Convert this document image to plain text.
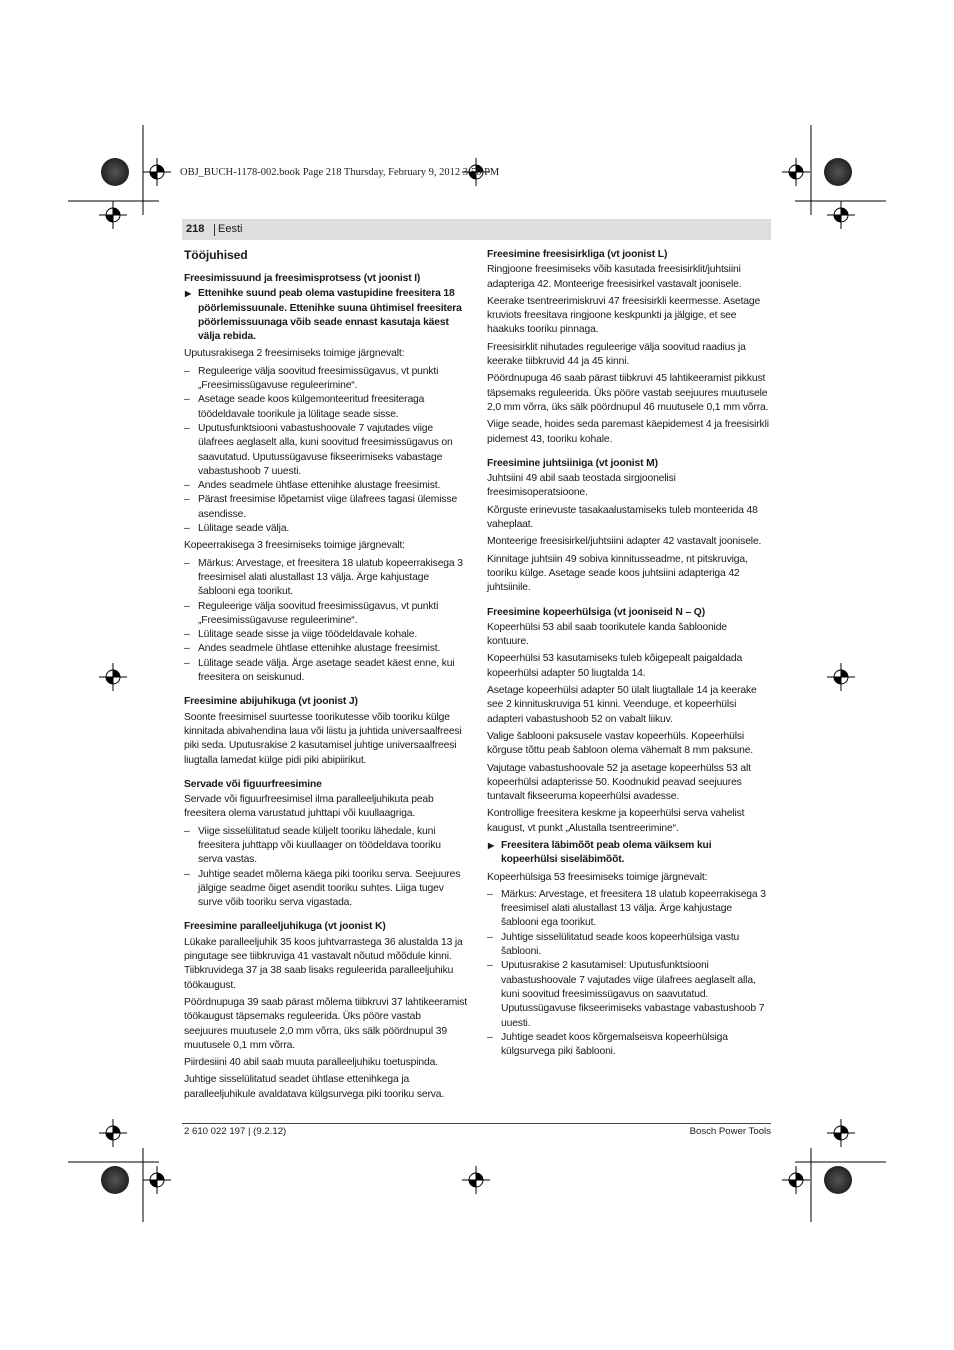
OBJ_BUCH-1178-002.book Page 218 Thursday, February 9, 2012 3:50 PM
218 Eesti
Tööjuhised
Freesimissuund ja freesimisprotsess (vt joonist I)
▶ Ettenihke suund peab olema vastupidine freesitera 18 pöörlemissuunale. Ettenihke suuna ühtimisel freesitera pöörlemissuunaga võib seade ennast kasutaja käest välja rebida.

Uputusrakisega 2 freesimiseks toimige järgnevalt:

– Reguleerige välja soovitud freesimissügavus, vt punkti „Freesimissügavuse reguleerimine“.
– Asetage seade koos külgemonteeritud freesiteraga töödeldavale toorikule ja lülitage seade sisse.
– Uputusfunktsiooni vabastushoovale 7 vajutades viige ülafrees aeglaselt alla, kuni soovitud freesimissügavus on saavutatud. Uputussügavuse fikseerimiseks vabastage vabastushoob 7 uuesti.
– Andes seadmele ühtlase ettenihke alustage freesimist.
– Pärast freesimise lõpetamist viige ülafrees tagasi ülemisse asendisse.
– Lülitage seade välja.

Kopeerrakisega 3 freesimiseks toimige järgnevalt:

– Märkus: Arvestage, et freesitera 18 ulatub kopeerrakisega 3 freesimisel alati alustallast 13 välja. Ärge kahjustage šablooni ega toorikut.
– Reguleerige välja soovitud freesimissügavus, vt punkti „Freesimissügavuse reguleerimine“.
– Lülitage seade sisse ja viige töödeldavale kohale.
– Andes seadmele ühtlase ettenihke alustage freesimist.
– Lülitage seade välja. Ärge asetage seadet käest enne, kui freesitera on seiskunud.
Freesimine abijuhikuga (vt joonist J)

Soonte freesimisel suurtesse toorikutesse võib tooriku külge kinnitada abivahendina laua või liistu ja juhtida universaalfreesi piki seda. Uputusrakise 2 kasutamisel juhtige universaalfreesi liugtalla lamedat külge pidi piki abipiirikut.

Servade või figuurfreesimine

Servade või figuurfreesimisel ilma paralleeljuhikuta peab freesitera olema varustatud juhttapi või kuullaagriga.

– Viige sisselülitatud seade küljelt tooriku lähedale, kuni freesitera juhttapp või kuullaager on töödeldava tooriku serva vastas.
– Juhtige seadet mõlema käega piki tooriku serva. Seejuures jälgige seadme õiget asendit tooriku suhtes. Liiga tugev surve võib tooriku serva vigastada.
Freesimine paralleeljuhikuga (vt joonist K)

Lükake paralleeljuhik 35 koos juhtvarrastega 36 alustalda 13 ja pingutage see tiibkruviga 41 vastavalt nõutud mõõdule kinni. Tiibkruvidega 37 ja 38 saab lisaks reguleerida paralleeljuhiku töökaugust.

Pöördnupuga 39 saab pärast mõlema tiibkruvi 37 lahtikeeramist töökaugust täpsemaks reguleerida. Üks pööre vastab seejuures muutusele 2,0 mm võrra, üks sälk pöördnupul 39 muutusele 0,1 mm võrra.

Piirdesiini 40 abil saab muuta paralleeljuhiku toetuspinda.

Juhtige sisselülitatud seadet ühtlase ettenihkega ja paralleeljuhikule avaldatava külgsurvega piki tooriku serva.

Freesimine freesisirkliga (vt joonist L)

Ringjoone freesimiseks võib kasutada freesisirklit/juhtsiini adapteriga 42. Monteerige freesisirkel vastavalt joonisele.

Keerake tsentreerimiskruvi 47 freesisirkli keermesse. Asetage kruviots freesitava ringjoone keskpunkti ja jälgige, et see haakuks tooriku pinnaga.

Freesisirklit nihutades reguleerige välja soovitud raadius ja keerake tiibkruvid 44 ja 45 kinni.

Pöördnupuga 46 saab pärast tiibkruvi 45 lahtikeeramist pikkust täpsemaks reguleerida. Üks pööre vastab seejuures muutusele 2,0 mm võrra, üks sälk pöördnupul 46 muutusele 0,1 mm võrra.

Viige seade, hoides seda paremast käepidemest 4 ja freesisirkli pidemest 43, tooriku kohale.

Freesimine juhtsiiniga (vt joonist M)

Juhtsiini 49 abil saab teostada sirgjoonelisi freesimisoperatsioone.

Kõrguste erinevuste tasakaalustamiseks tuleb monteerida 48 vaheplaat.

Monteerige freesisirkel/juhtsiini adapter 42 vastavalt joonisele.

Kinnitage juhtsiin 49 sobiva kinnitusseadme, nt pitskruviga, tooriku külge. Asetage seade koos juhtsiini adapteriga 42 juhtsiinile.

Freesimine kopeerhülsiga (vt jooniseid N – Q)

Kopeerhülsi 53 abil saab toorikutele kanda šabloonide kontuure.

Kopeerhülsi 53 kasutamiseks tuleb kõigepealt paigaldada kopeerhülsi adapter 50 liugtalda 14.

Asetage kopeerhülsi adapter 50 ülalt liugtallale 14 ja keerake see 2 kinnituskruviga 51 kinni. Veenduge, et kopeerhülsi adapteri vabastushoob 52 on vabalt liikuv.

Valige šablooni paksusele vastav kopeerhüls. Kopeerhülsi kõrguse tõttu peab šabloon olema vähemalt 8 mm paksune.

Vajutage vabastushoovale 52 ja asetage kopeerhülss 53 alt kopeerhülsi adapterisse 50. Koodnukid peavad seejuures tuntavalt fikseeruma kopeerhülsi avadesse.

Kontrollige freesitera keskme ja kopeerhülsi serva vahelist kaugust, vt punkt „Alustalla tsentreerimine“.

▶ Freesitera läbimõõt peab olema väiksem kui kopeerhülsi siseläbimõõt.

Kopeerhülsiga 53 freesimiseks toimige järgnevalt:

– Märkus: Arvestage, et freesitera 18 ulatub kopeerrakisega 3 freesimisel alati alustallast 13 välja. Ärge kahjustage šablooni ega toorikut.
– Juhtige sisselülitatud seade koos kopeerhülsiga vastu šablooni.
– Uputusrakise 2 kasutamisel: Uputusfunktsiooni vabastushoovale 7 vajutades viige ülafrees aeglaselt alla, kuni soovitud freesimissügavus on saavutatud. Uputussügavuse fikseerimiseks vabastage vabastushoob 7 uuesti.
– Juhtige seadet koos kõrgemalseisva kopeerhülsiga külgsurvega piki šablooni.
2 610 022 197 | (9.2.12)	Bosch Power Tools
